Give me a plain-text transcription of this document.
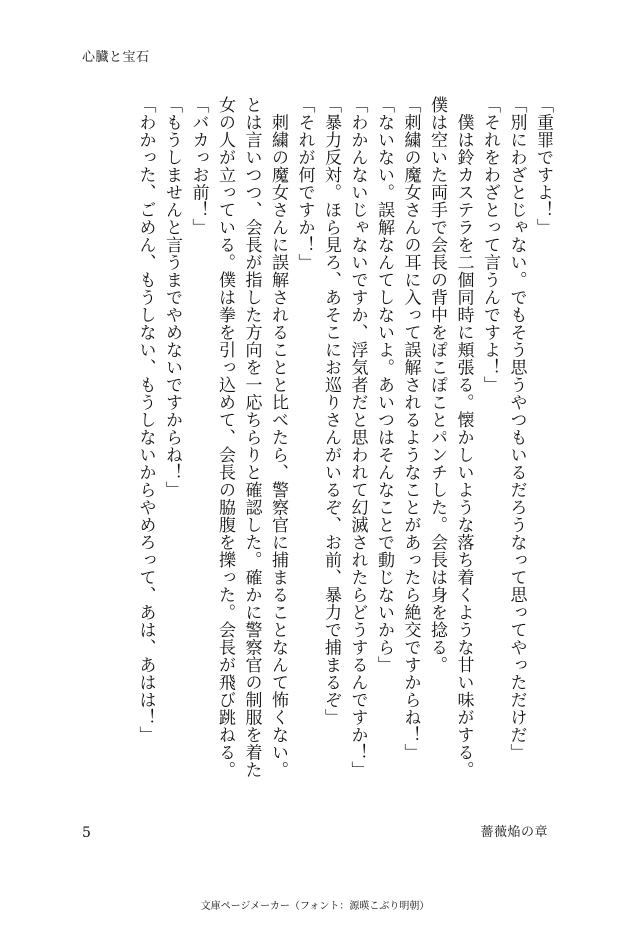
心臓と宝石
「重罪ですよ！」
「別にわざとじゃない。でもそう思うやつもいるだろうなって思ってやっただけだ」
「それをわざとって言うんですよ！」
　僕は鈴カステラを二個同時に頬張る。懐かしいような落ち着くような甘い味がする。
僕は空いた両手で会長の背中をぽこぽことパンチした。会長は身を捻る。
「刺繍の魔女さんの耳に入って誤解されるようなことがあったら絶交ですからね！」
「ないない。誤解なんてしないよ。あいつはそんなことで動じないから」
「わかんないじゃないですか、浮気者だと思われて幻滅されたらどうするんですか！」
「暴力反対。ほら見ろ、あそこにお巡りさんがいるぞ、お前、暴力で捕まるぞ」
「それが何ですか！」
　刺繍の魔女さんに誤解されることと比べたら、警察官に捕まることなんて怖くない。
とは言いつつ、会長が指した方向を一応ちらりと確認した。確かに警察官の制服を着た
女の人が立っている。僕は拳を引っ込めて、会長の脇腹を擽った。会長が飛び跳ねる。
「バカっお前！」
「もうしませんと言うまでやめないですからね！」
「わかった、ごめん、もうしない、もうしないからやめろって、あは、あはは！」
5	薔薇焔の章
文庫ページメーカー（フォント：源暎こぶり明朝）
